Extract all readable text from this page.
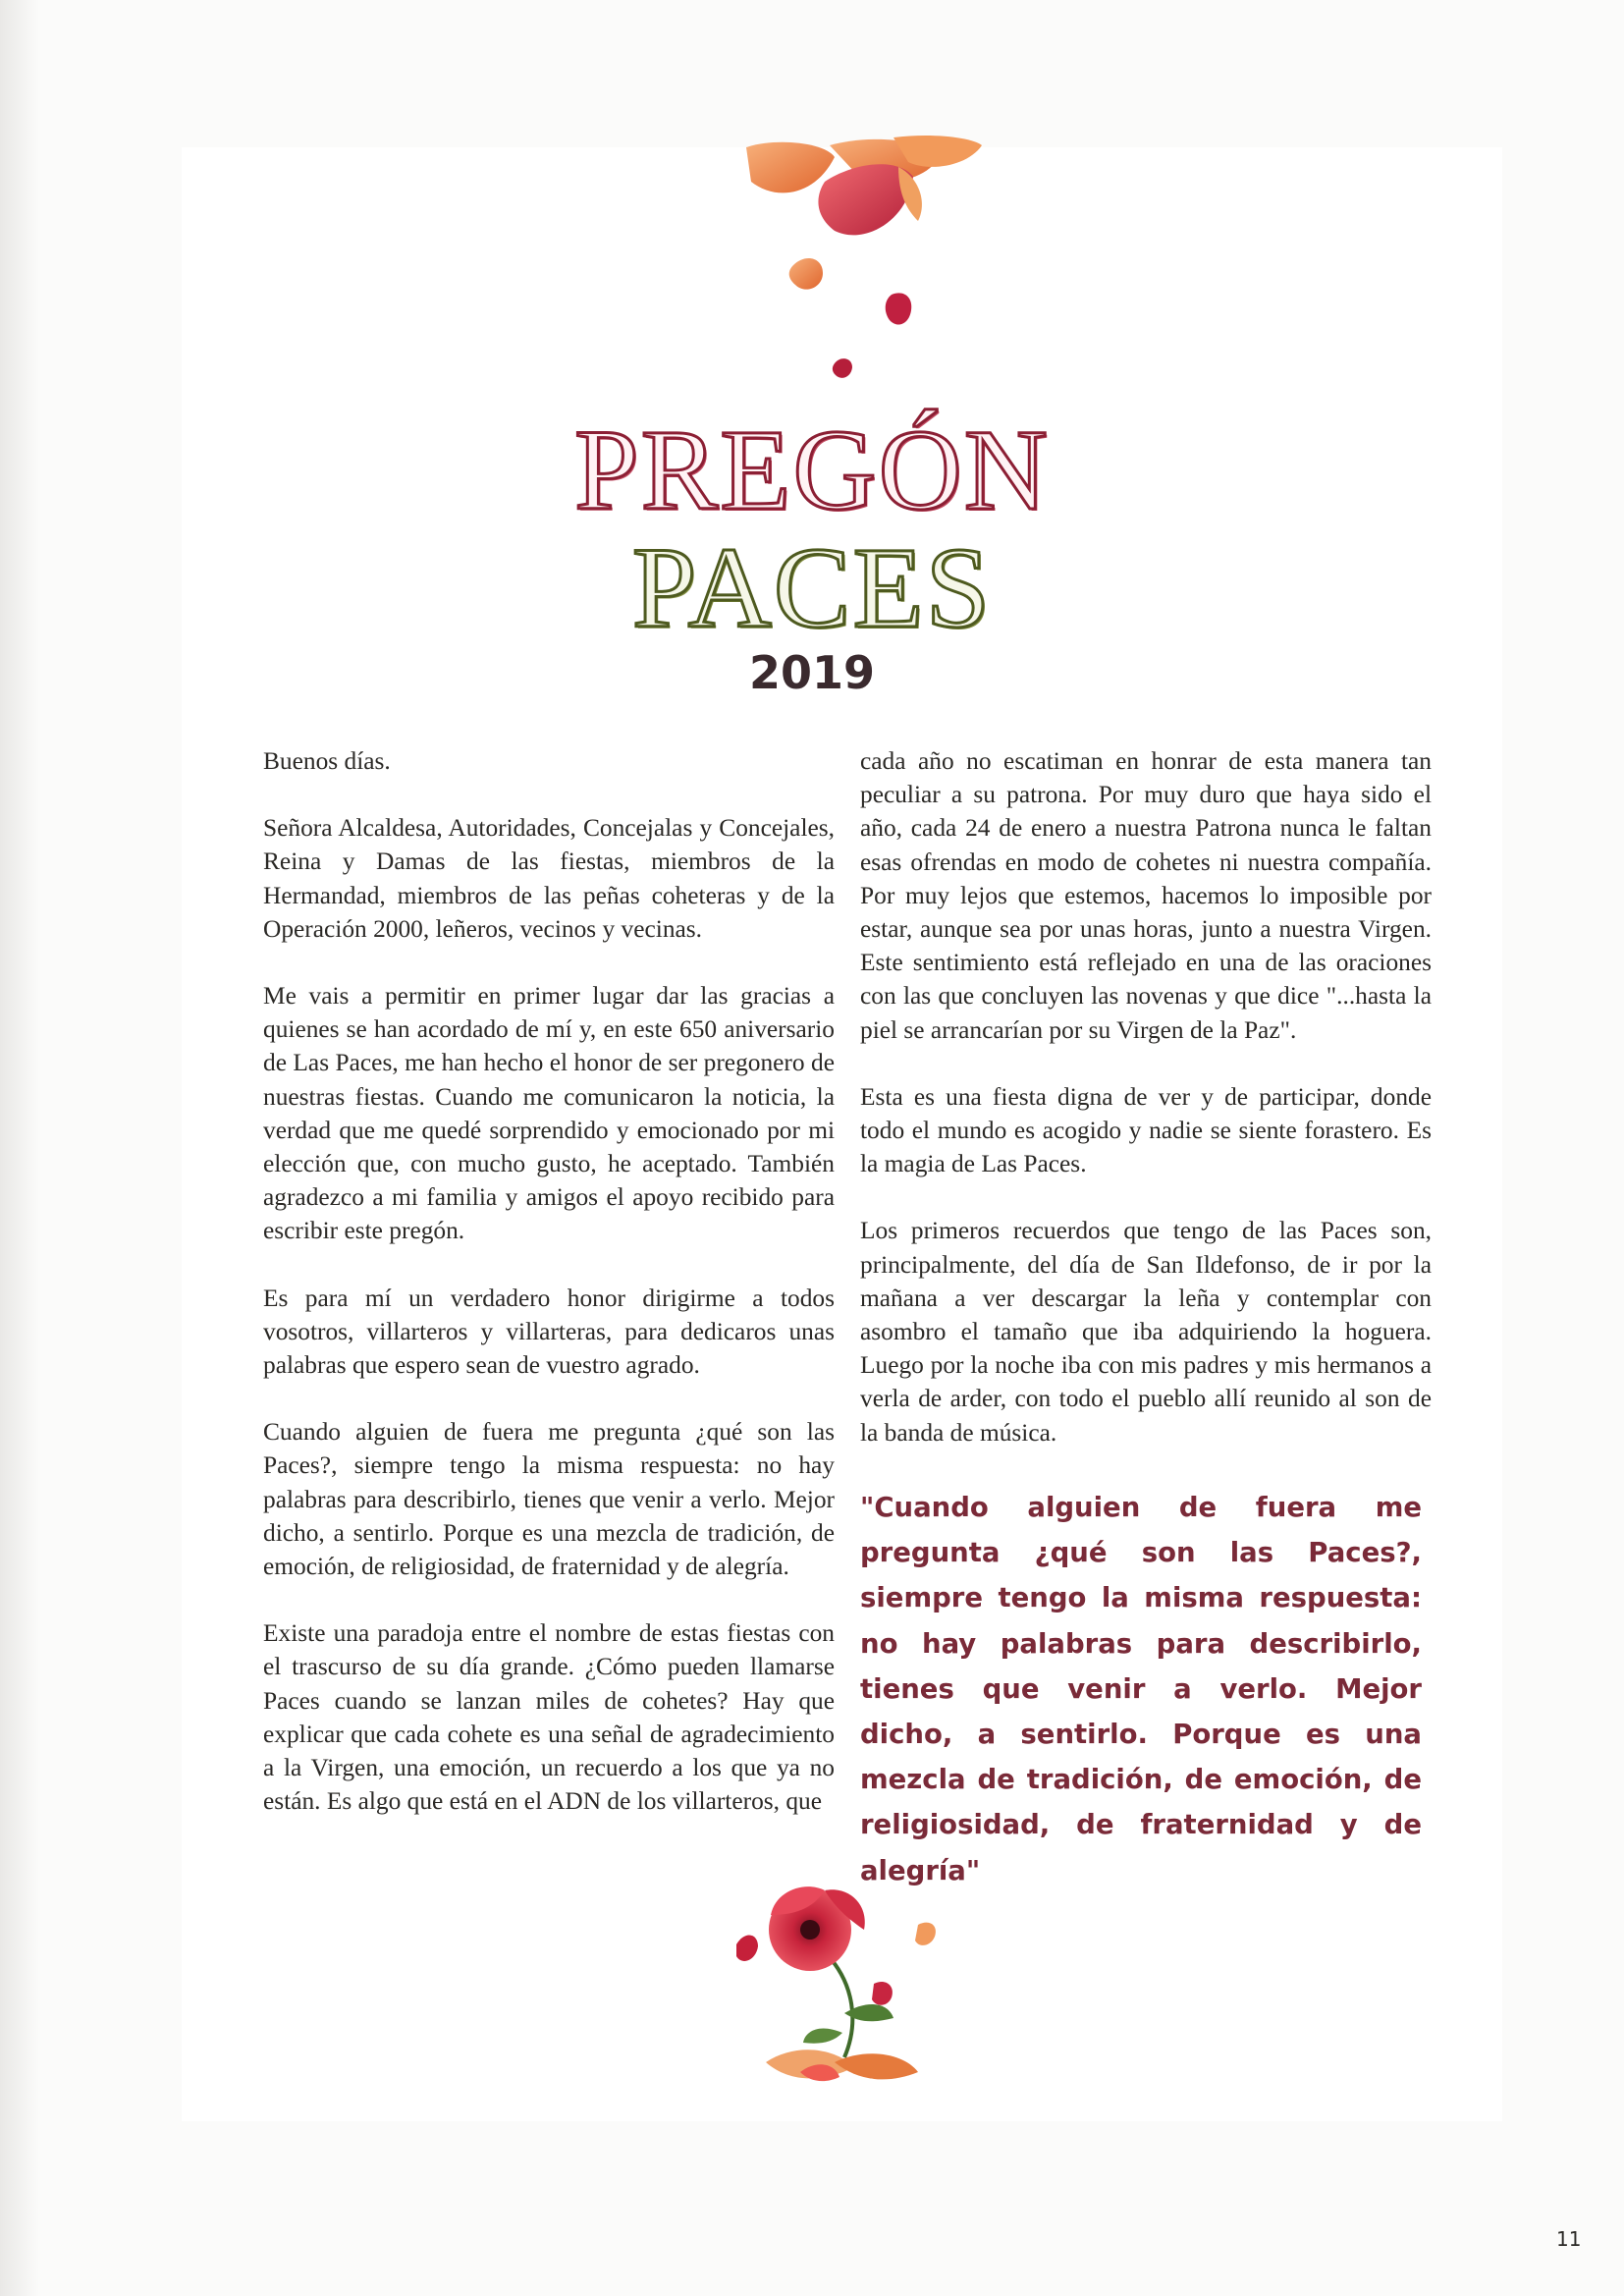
PREGÓN
PACES
2019

Buenos días.

Señora Alcaldesa, Autoridades, Concejalas y Concejales, Reina y Damas de las fiestas, miembros de la Hermandad, miembros de las peñas coheteras y de la Operación 2000, leñeros, vecinos y vecinas.

Me vais a permitir en primer lugar dar las gracias a quienes se han acordado de mí y, en este 650 aniversario de Las Paces, me han hecho el honor de ser pregonero de nuestras fiestas. Cuando me comunicaron la noticia, la verdad que me quedé sorprendido y emocionado por mi elección que, con mucho gusto, he aceptado. También agradezco a mi familia y amigos el apoyo recibido para escribir este pregón.

Es para mí un verdadero honor dirigirme a todos vosotros, villarteros y villarteras, para dedicaros unas palabras que espero sean de vuestro agrado.

Cuando alguien de fuera me pregunta ¿qué son las Paces?, siempre tengo la misma respuesta: no hay palabras para describirlo, tienes que venir a verlo. Mejor dicho, a sentirlo. Porque es una mezcla de tradición, de emoción, de religiosidad, de fraternidad y de alegría.

Existe una paradoja entre el nombre de estas fiestas con el trascurso de su día grande. ¿Cómo pueden llamarse Paces cuando se lanzan miles de cohetes? Hay que explicar que cada cohete es una señal de agradecimiento a la Virgen, una emoción, un recuerdo a los que ya no están. Es algo que está en el ADN de los villarteros, que

cada año no escatiman en honrar de esta manera tan peculiar a su patrona. Por muy duro que haya sido el año, cada 24 de enero a nuestra Patrona nunca le faltan esas ofrendas en modo de cohetes ni nuestra compañía. Por muy lejos que estemos, hacemos lo imposible por estar, aunque sea por unas horas, junto a nuestra Virgen. Este sentimiento está reflejado en una de las oraciones con las que concluyen las novenas y que dice "...hasta la piel se arrancarían por su Virgen de la Paz".

Esta es una fiesta digna de ver y de participar, donde todo el mundo es acogido y nadie se siente forastero. Es la magia de Las Paces.

Los primeros recuerdos que tengo de las Paces son, principalmente, del día de San Ildefonso, de ir por la mañana a ver descargar la leña y contemplar con asombro el tamaño que iba adquiriendo la hoguera. Luego por la noche iba con mis padres y mis hermanos a verla de arder, con todo el pueblo allí reunido al son de la banda de música.

"Cuando alguien de fuera me pregunta ¿qué son las Paces?, siempre tengo la misma respuesta: no hay palabras para describirlo, tienes que venir a verlo. Mejor dicho, a sentirlo. Porque es una mezcla de tradición, de emoción, de religiosidad, de fraternidad y de alegría"

11
